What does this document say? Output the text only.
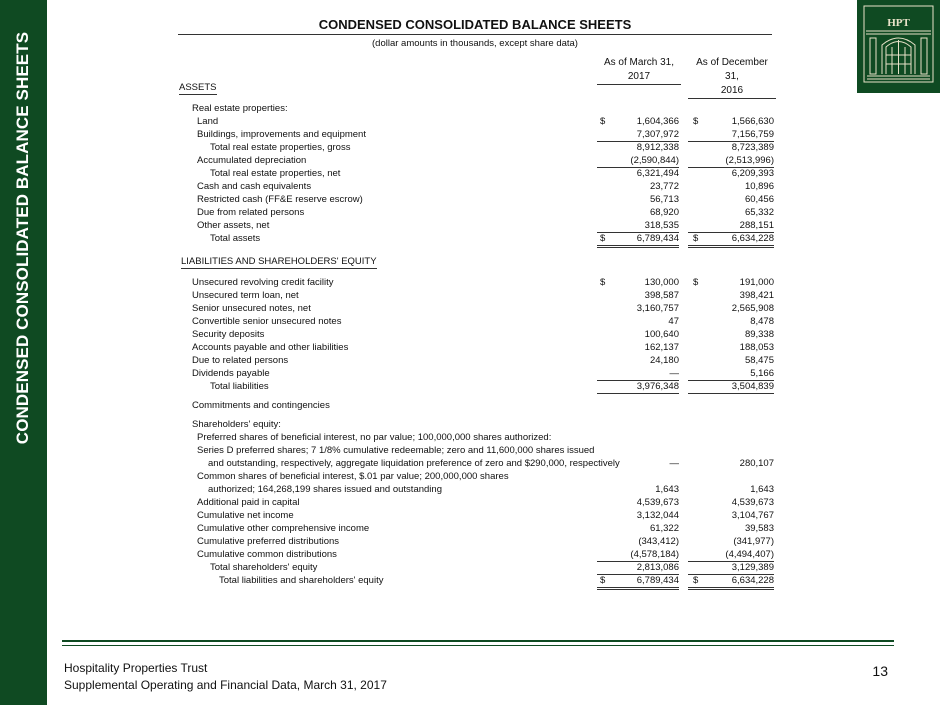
CONDENSED CONSOLIDATED BALANCE SHEETS
HPT
CONDENSED CONSOLIDATED BALANCE SHEETS
(dollar amounts in thousands, except share data)
As of March 31,
2017
As of December 31,
2016
ASSETS
LIABILITIES AND SHAREHOLDERS' EQUITY
Real estate properties:
Land	$	1,604,366 $	1,566,630
Buildings, improvements and equipment	7,307,972	7,156,759
Total real estate properties, gross	8,912,338	8,723,389
Accumulated depreciation	(2,590,844)	(2,513,996)
Total real estate properties, net	6,321,494	6,209,393
Cash and cash equivalents	23,772	10,896
Restricted cash (FF&E reserve escrow)	56,713	60,456
Due from related persons	68,920	65,332
Other assets, net	318,535	288,151
Total assets	$	6,789,434 $	6,634,228
Unsecured revolving credit facility	$	130,000 $	191,000
Unsecured term loan, net	398,587	398,421
Senior unsecured notes, net	3,160,757	2,565,908
Convertible senior unsecured notes	47	8,478
Security deposits	100,640	89,338
Accounts payable and other liabilities	162,137	188,053
Due to related persons	24,180	58,475
Dividends payable	—	5,166
Total liabilities	3,976,348	3,504,839
Commitments and contingencies
Shareholders' equity:
Preferred shares of beneficial interest, no par value; 100,000,000 shares authorized:
Series D preferred shares; 7 1/8% cumulative redeemable; zero and 11,600,000 shares issued
and outstanding, respectively, aggregate liquidation preference of zero and $290,000, respectively	—	280,107
Common shares of beneficial interest, $.01 par value; 200,000,000 shares
authorized; 164,268,199 shares issued and outstanding	1,643	1,643
Additional paid in capital	4,539,673	4,539,673
Cumulative net income	3,132,044	3,104,767
Cumulative other comprehensive income	61,322	39,583
Cumulative preferred distributions	(343,412)	(341,977)
Cumulative common distributions	(4,578,184)	(4,494,407)
Total shareholders' equity	2,813,086	3,129,389
Total liabilities and shareholders' equity	$	6,789,434 $	6,634,228
Hospitality Properties Trust
Supplemental Operating and Financial Data, March 31, 2017
13
